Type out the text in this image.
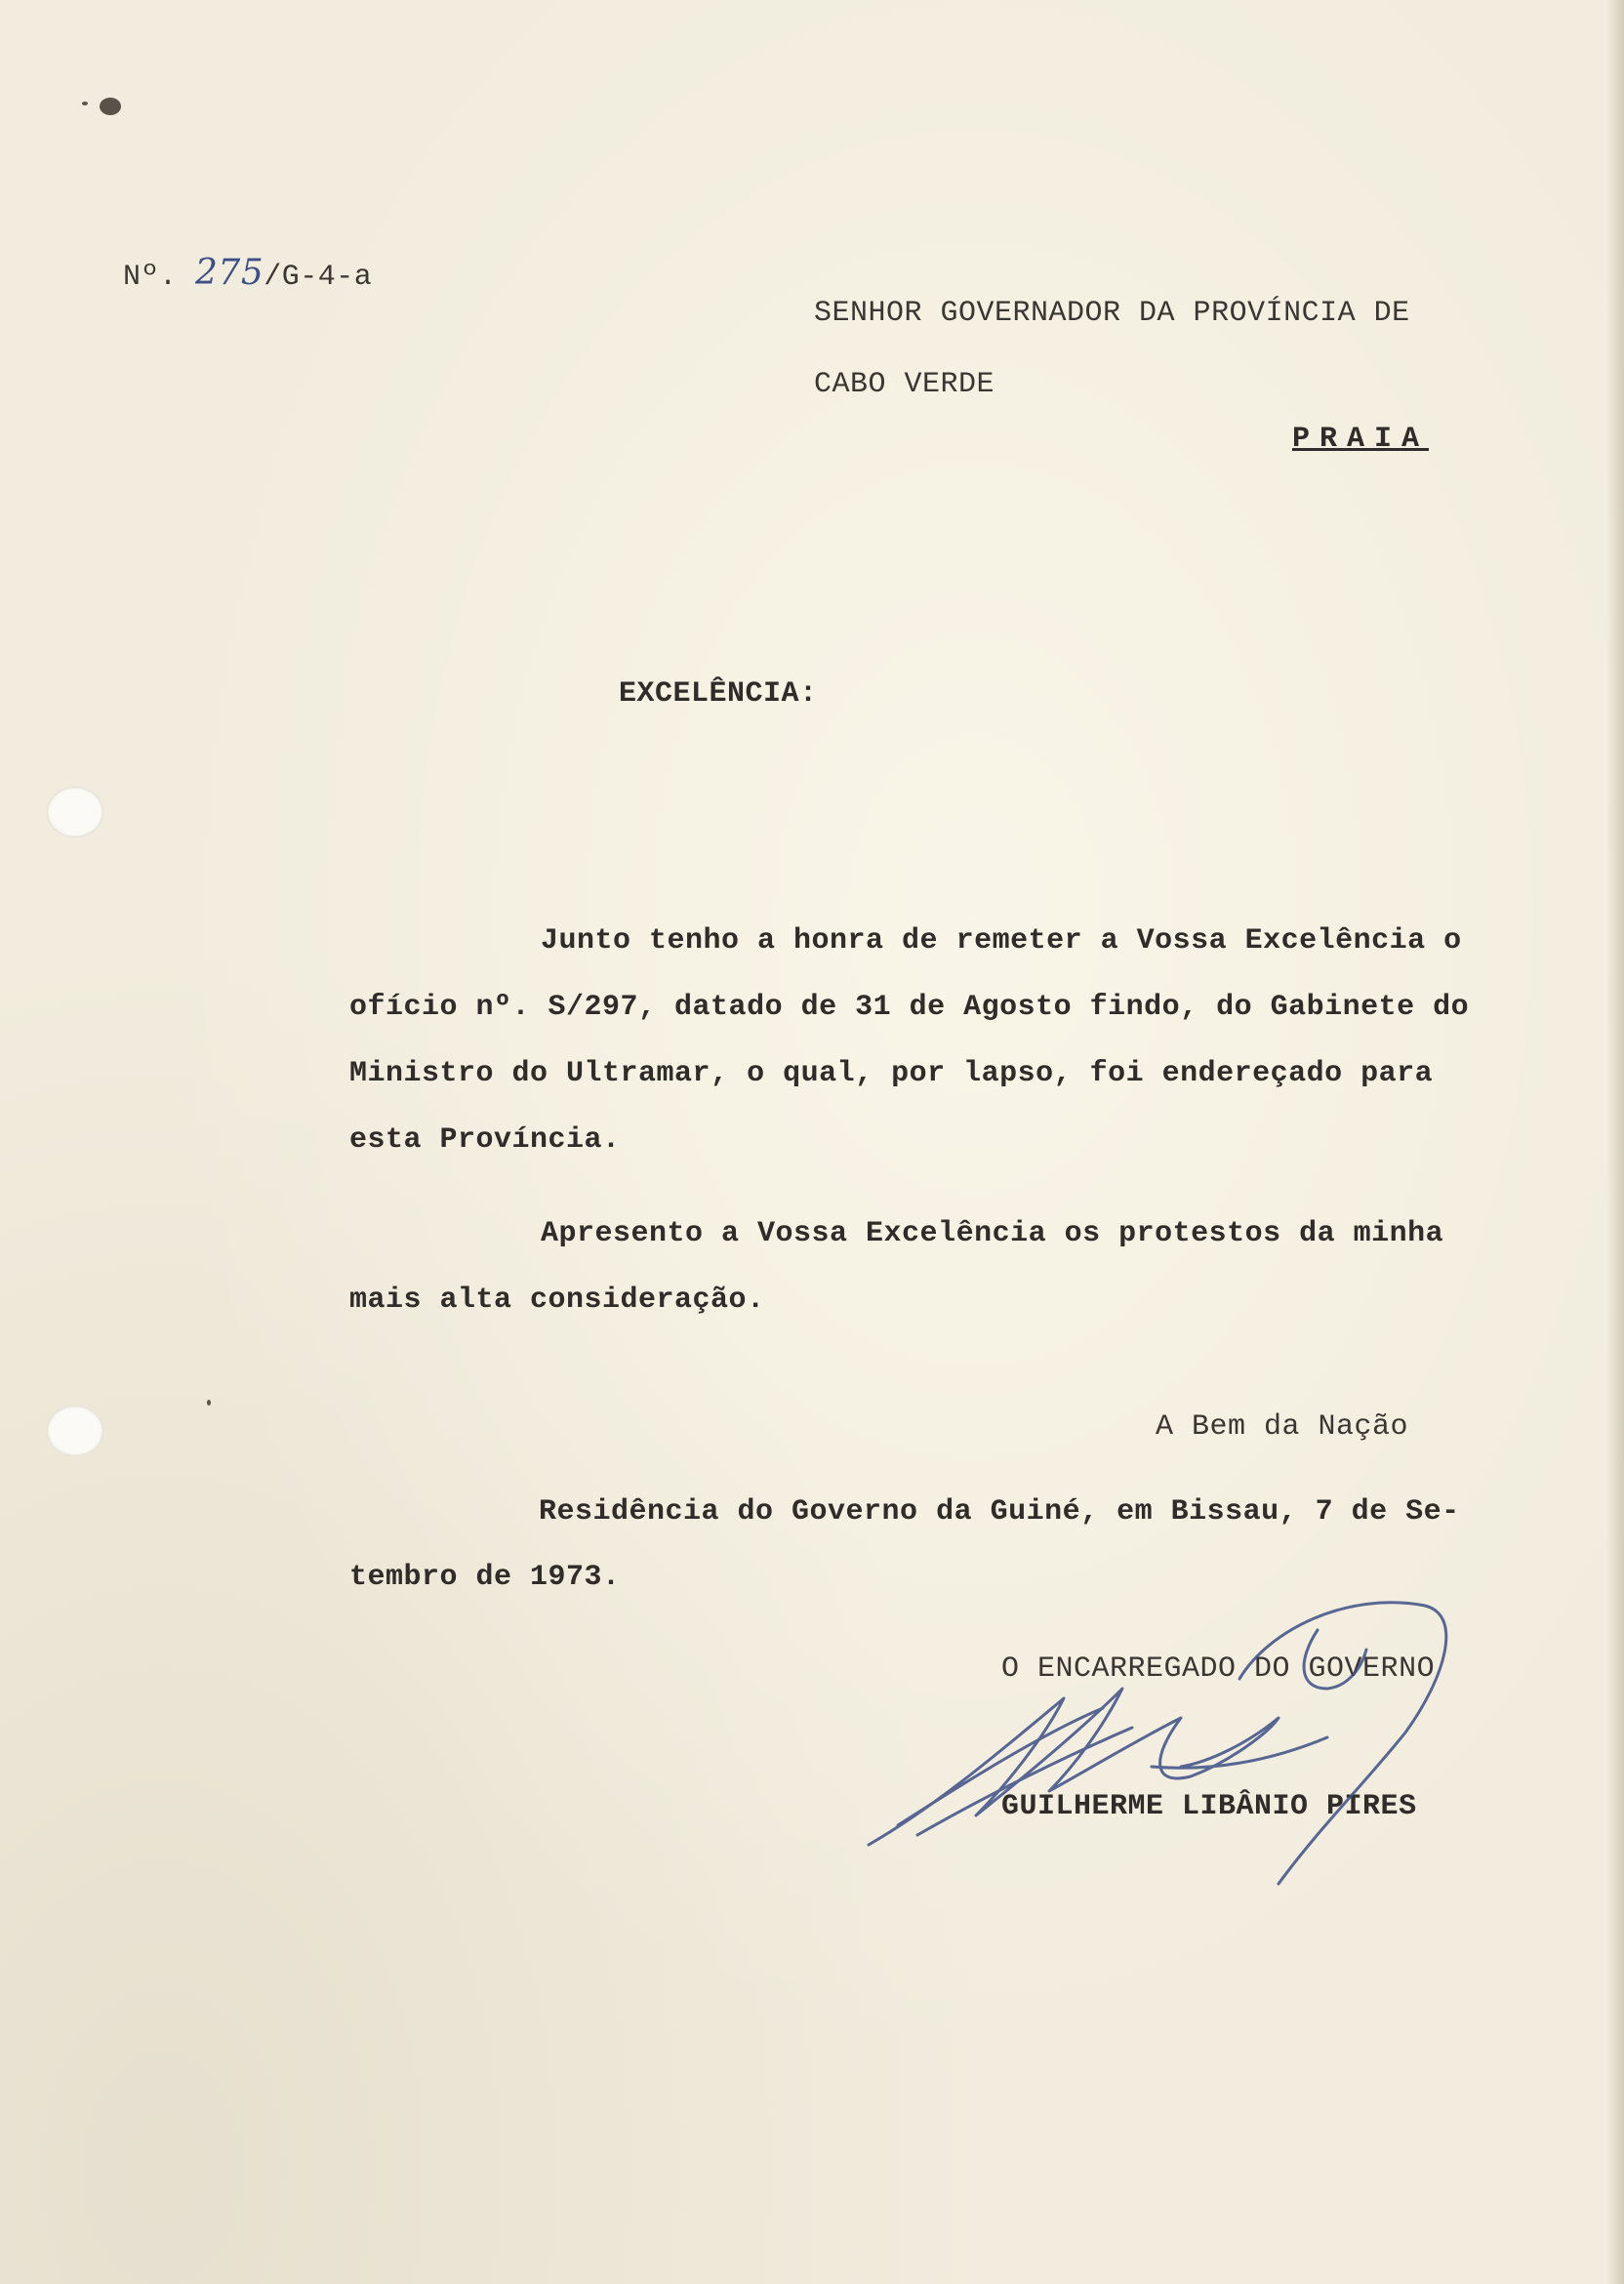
Nº. 275/G-4-a
SENHOR GOVERNADOR DA PROVÍNCIA DE
CABO VERDE
PRAIA
EXCELÊNCIA:
Junto tenho a honra de remeter a Vossa Excelência o
ofício nº. S/297, datado de 31 de Agosto findo, do Gabinete do
Ministro do Ultramar, o qual, por lapso, foi endereçado para
esta Província.
Apresento a Vossa Excelência os protestos da minha
mais alta consideração.
A Bem da Nação
Residência do Governo da Guiné, em Bissau, 7 de Se-
tembro de 1973.
O ENCARREGADO DO GOVERNO
GUILHERME LIBÂNIO PIRES
